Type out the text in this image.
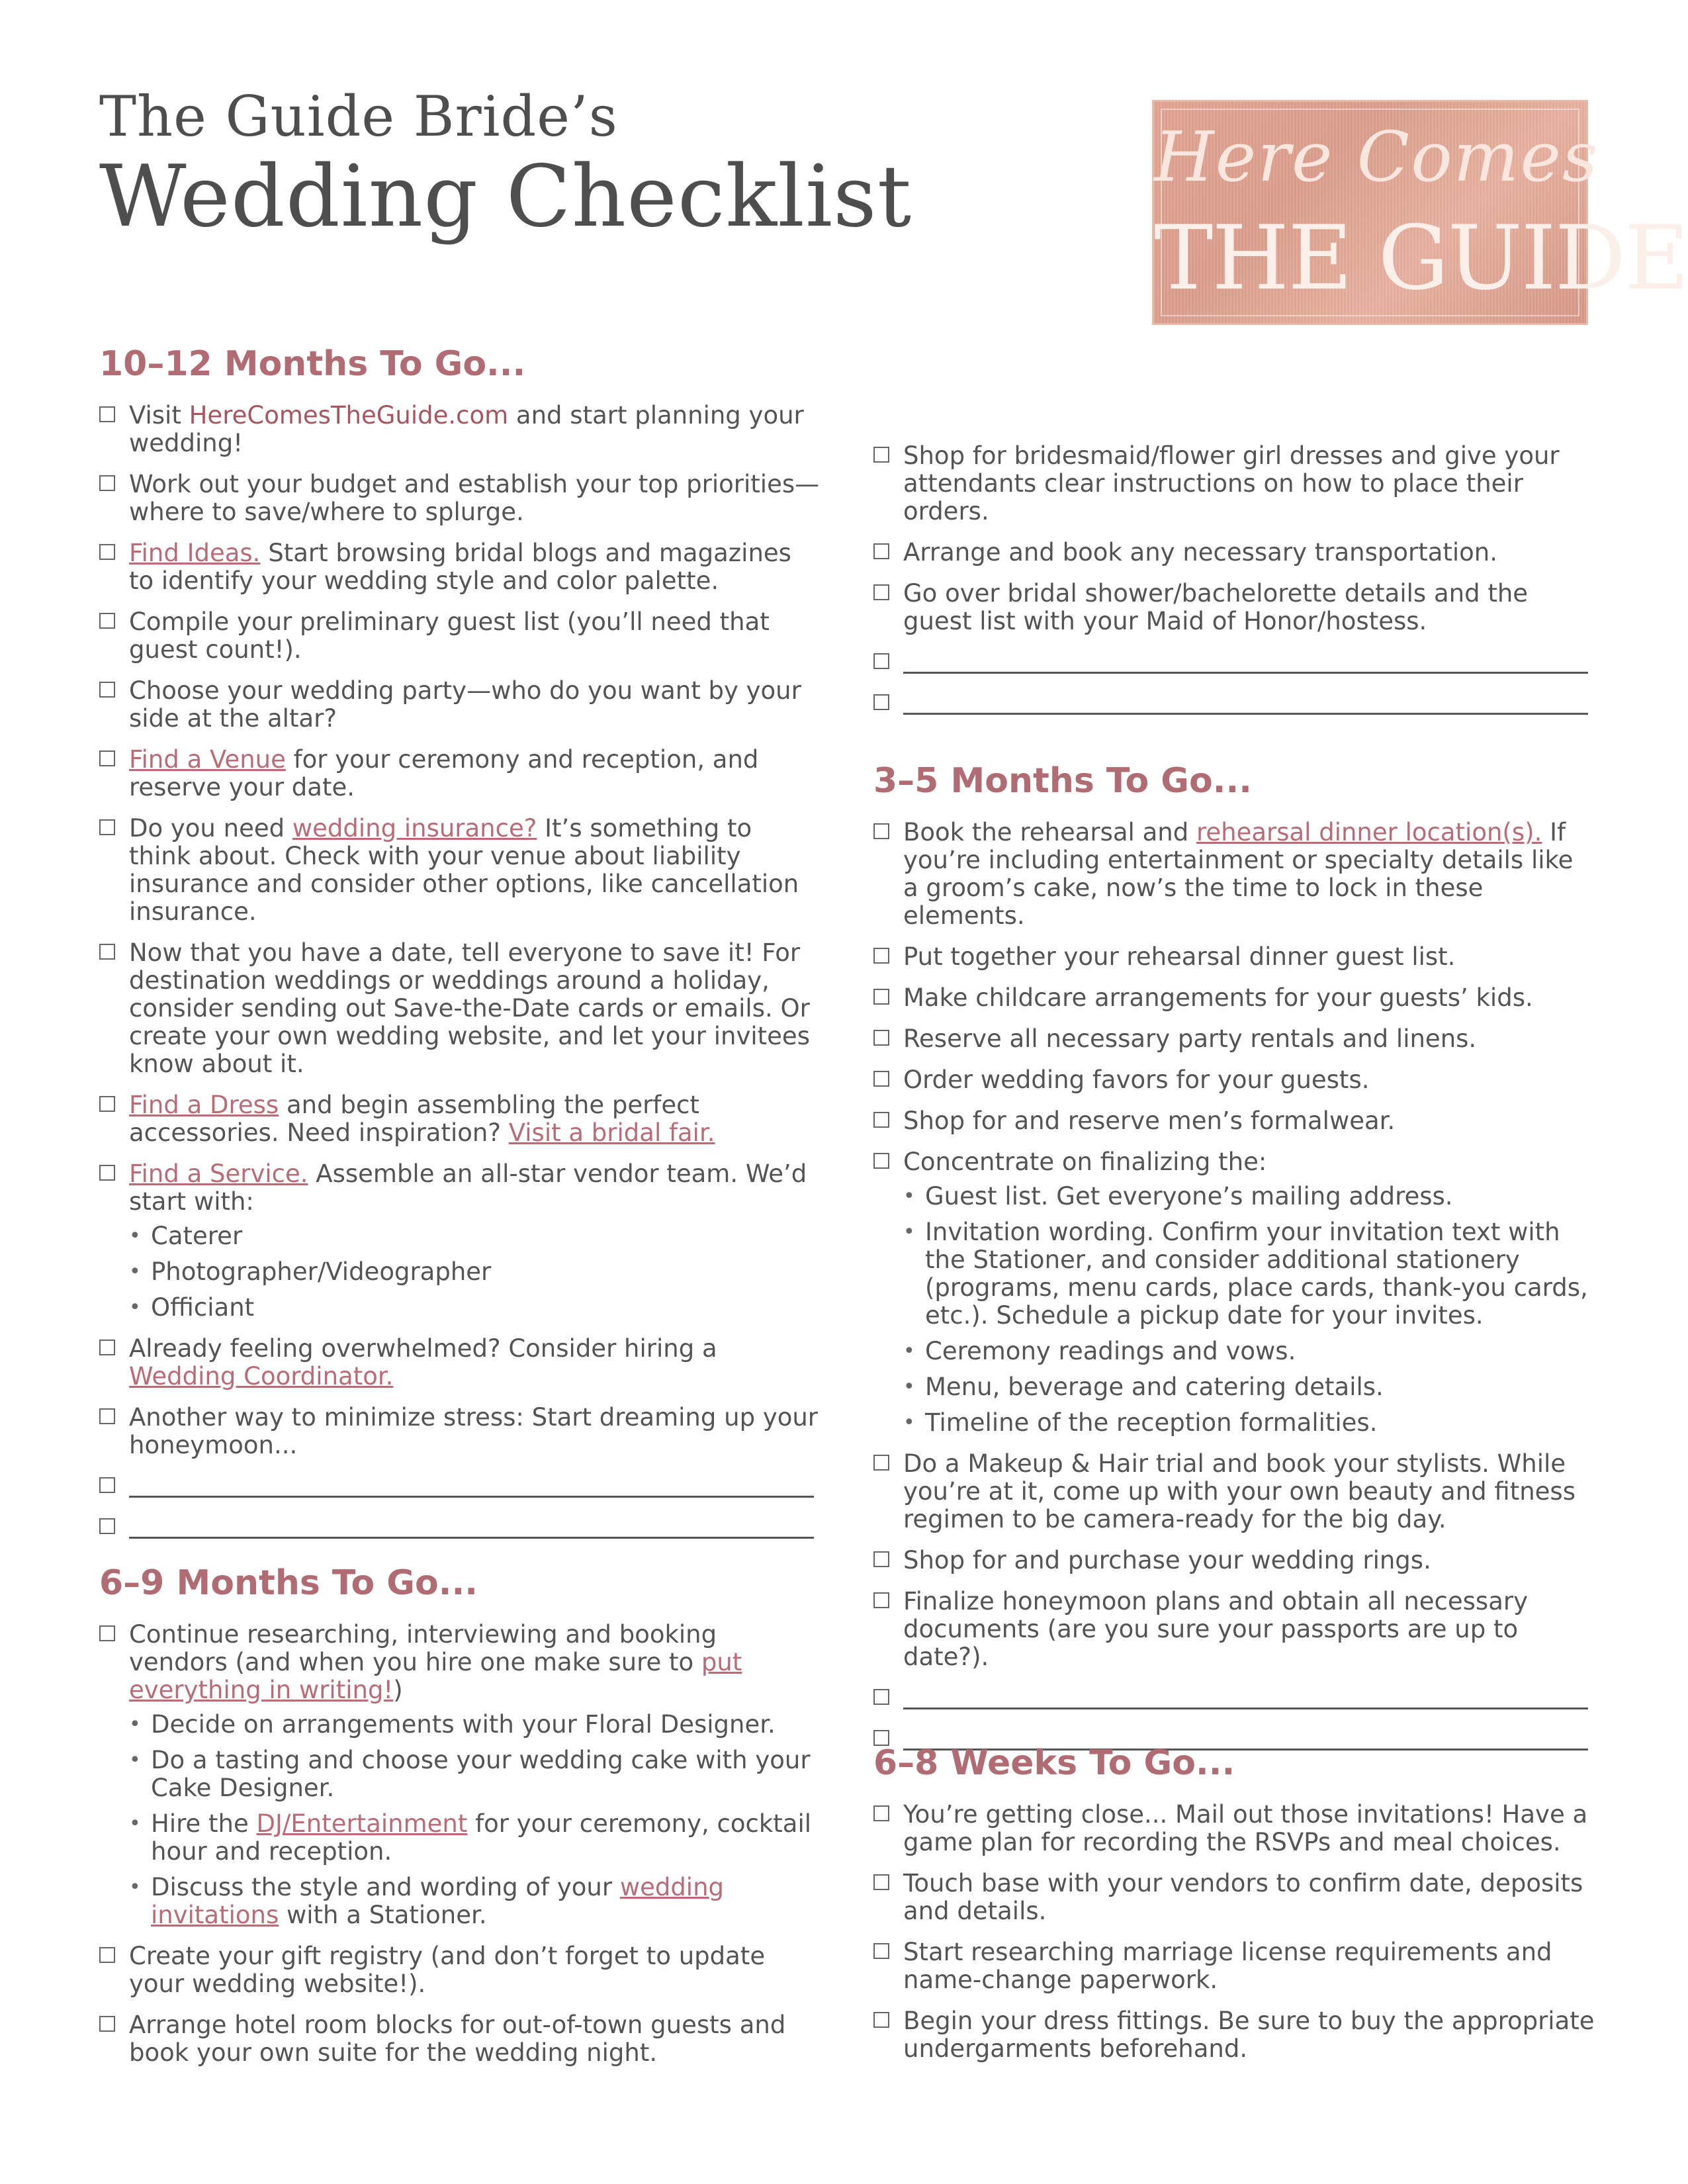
The Guide Bride’s
Wedding Checklist	Here Comes
THE GUIDE
10–12 Months To Go...
Visit HereComesTheGuide.com and start planning your wedding!
Work out your budget and establish your top priorities—where to save/where to splurge.
Find Ideas. Start browsing bridal blogs and magazines to identify your wedding style and color palette.
Compile your preliminary guest list (you’ll need that guest count!).
Choose your wedding party—who do you want by your side at the altar?
Find a Venue for your ceremony and reception, and reserve your date.
Do you need wedding insurance? It’s something to think about. Check with your venue about liability insurance and consider other options, like cancellation insurance.
Now that you have a date, tell everyone to save it! For destination weddings or weddings around a holiday, consider sending out Save-the-Date cards or emails. Or create your own wedding website, and let your invitees know about it.
Find a Dress and begin assembling the perfect accessories. Need inspiration? Visit a bridal fair.
Find a Service. Assemble an all-star vendor team. We’d start with:
• Caterer
• Photographer/Videographer
• Officiant
Already feeling overwhelmed? Consider hiring a Wedding Coordinator.
Another way to minimize stress: Start dreaming up your honeymoon...
6–9 Months To Go...
Continue researching, interviewing and booking vendors (and when you hire one make sure to put everything in writing!)
• Decide on arrangements with your Floral Designer.
• Do a tasting and choose your wedding cake with your Cake Designer.
• Hire the DJ/Entertainment for your ceremony, cocktail hour and reception.
• Discuss the style and wording of your wedding invitations with a Stationer.
Create your gift registry (and don’t forget to update your wedding website!).
Arrange hotel room blocks for out-of-town guests and book your own suite for the wedding night.
Shop for bridesmaid/flower girl dresses and give your attendants clear instructions on how to place their orders.
Arrange and book any necessary transportation.
Go over bridal shower/bachelorette details and the guest list with your Maid of Honor/hostess.
3–5 Months To Go...
Book the rehearsal and rehearsal dinner location(s). If you’re including entertainment or specialty details like a groom’s cake, now’s the time to lock in these elements.
Put together your rehearsal dinner guest list.
Make childcare arrangements for your guests’ kids.
Reserve all necessary party rentals and linens.
Order wedding favors for your guests.
Shop for and reserve men’s formalwear.
Concentrate on finalizing the:
• Guest list. Get everyone’s mailing address.
• Invitation wording. Confirm your invitation text with the Stationer, and consider additional stationery (programs, menu cards, place cards, thank-you cards, etc.). Schedule a pickup date for your invites.
• Ceremony readings and vows.
• Menu, beverage and catering details.
• Timeline of the reception formalities.
Do a Makeup & Hair trial and book your stylists. While you’re at it, come up with your own beauty and fitness regimen to be camera-ready for the big day.
Shop for and purchase your wedding rings.
Finalize honeymoon plans and obtain all necessary documents (are you sure your passports are up to date?).
6–8 Weeks To Go...
You’re getting close... Mail out those invitations! Have a game plan for recording the RSVPs and meal choices.
Touch base with your vendors to confirm date, deposits and details.
Start researching marriage license requirements and name-change paperwork.
Begin your dress fittings. Be sure to buy the appropriate undergarments beforehand.
